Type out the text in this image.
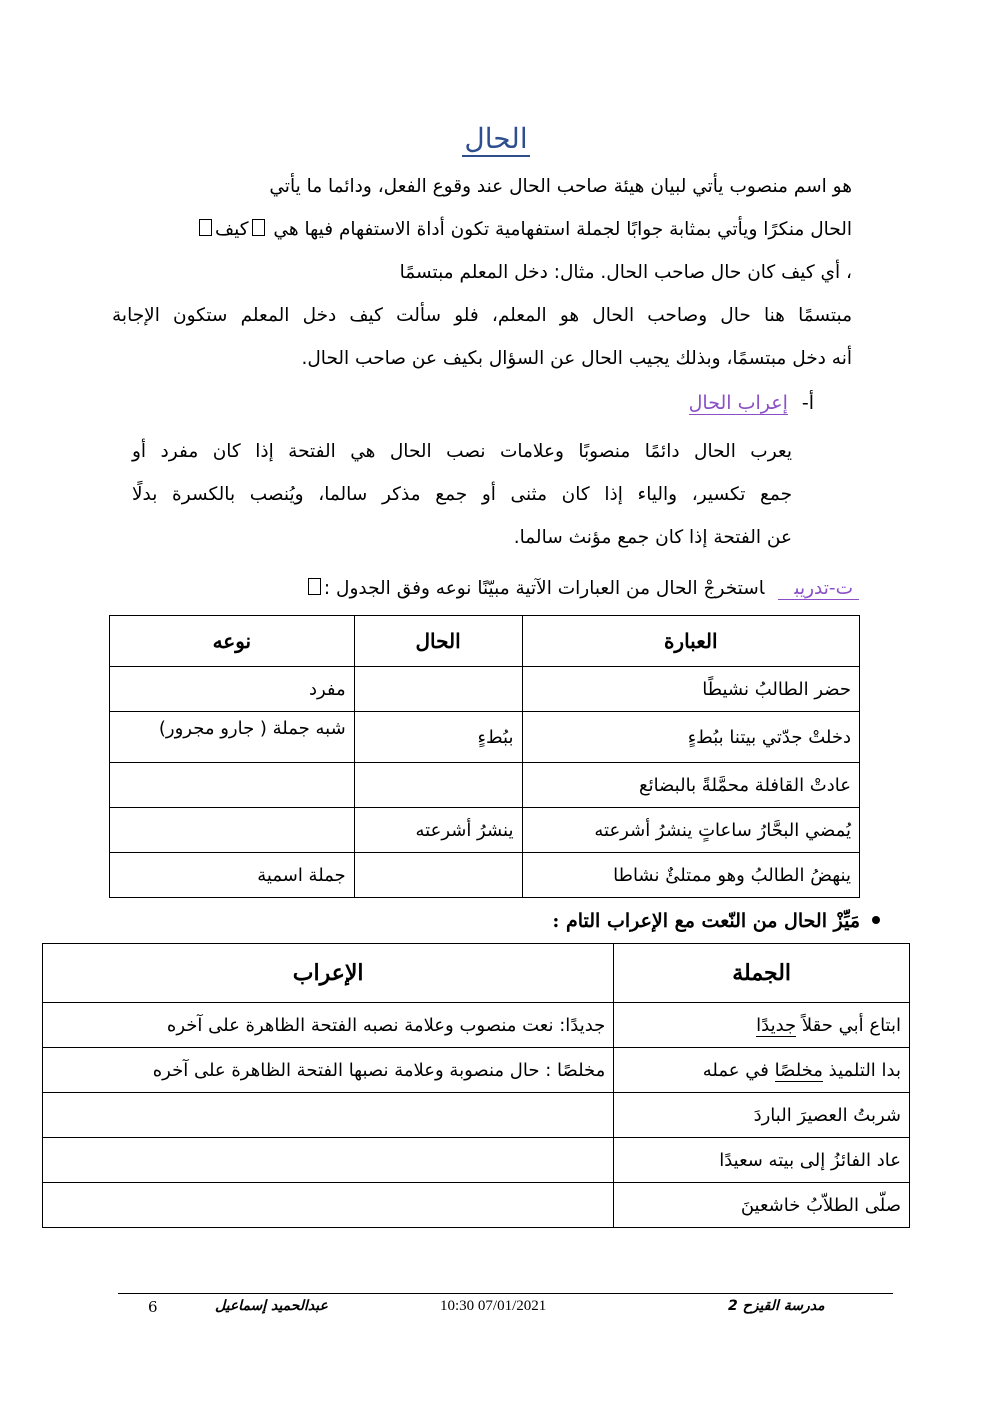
الحال
هو اسم منصوب يأتي لبيان هيئة صاحب الحال عند وقوع الفعل، ودائما ما يأتي
الحال منكرًا ويأتي بمثابة جوابًا لجملة استفهامية تكون أداة الاستفهام فيها هي كيف
، أي كيف كان حال صاحب الحال. مثال: دخل المعلم مبتسمًا
مبتسمًا هنا حال وصاحب الحال هو المعلم، فلو سألت كيف دخل المعلم ستكون الإجابة
أنه دخل مبتسمًا، وبذلك يجيب الحال عن السؤال بكيف عن صاحب الحال.
أ-إعراب الحال
يعرب الحال دائمًا منصوبًا وعلامات نصب الحال هي الفتحة إذا كان مفرد أو
جمع تكسير، والياء إذا كان مثنى أو جمع مذكر سالما، ويُنصب بالكسرة بدلًا
عن الفتحة إذا كان جمع مؤنث سالما.
ت-تدريباستخرجْ الحال من العبارات الآتية مبيّنًا نوعه وفق الجدول :
العبارة	الحال	نوعه
حضر الطالبُ نشيطًا		مفرد
دخلتْ جدّتي بيتنا ببُطءٍ	ببُطءٍ	شبه جملة ( جارو مجرور)
عادتْ القافلة محمَّلةً بالبضائع		
يُمضي البحَّارُ ساعاتٍ ينشرُ أشرعته	ينشرُ أشرعته	
ينهضُ الطالبُ وهو ممتلئٌ نشاطا		جملة اسمية
مَيِّزْ الحال من النّعت مع الإعراب التام :
الجملة	الإعراب
ابتاع أبي حقلاً جديدًا	جديدًا: نعت منصوب وعلامة نصبه الفتحة الظاهرة على آخره
بدا التلميذ مخلصًا في عمله	مخلصًا : حال منصوبة وعلامة نصبها الفتحة الظاهرة على آخره
شربتُ العصيرَ الباردَ	
عاد الفائزُ إلى بيته سعيدًا	
صلّى الطلاّبُ خاشعينَ	
6	عبدالحميد إسماعيل	10:30 07/01/2021	مدرسة القيزح 2
